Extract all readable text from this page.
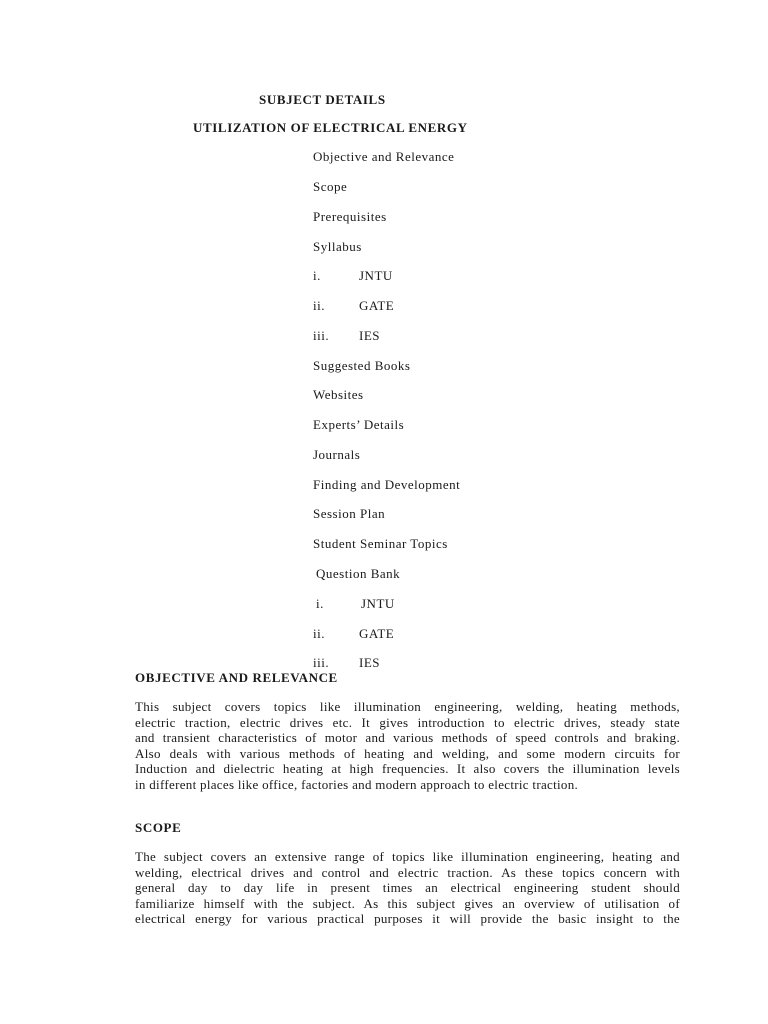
SUBJECT DETAILS
UTILIZATION OF ELECTRICAL ENERGY
Objective and Relevance
Scope
Prerequisites
Syllabus
i.	JNTU
ii.	GATE
iii. IES
Suggested Books
Websites
Experts’ Details
Journals
Finding and Development
Session Plan
Student Seminar Topics
Question Bank
i.	JNTU
ii.	GATE
iii. IES
OBJECTIVE AND RELEVANCE

This subject covers topics like illumination engineering, welding, heating methods,
electric traction, electric drives etc. It gives introduction to electric drives, steady state
and transient characteristics of motor and various methods of speed controls and braking.
Also deals with various methods of heating and welding, and some modern circuits for
Induction and dielectric heating at high frequencies. It also covers the illumination levels
in different places like office, factories and modern approach to electric traction.

SCOPE

The subject covers an extensive range of topics like illumination engineering, heating and
welding, electrical drives and control and electric traction. As these topics concern with
general day to day life in present times an electrical engineering student should
familiarize himself with the subject. As this subject gives an overview of utilisation of
electrical energy for various practical purposes it will provide the basic insight to the
